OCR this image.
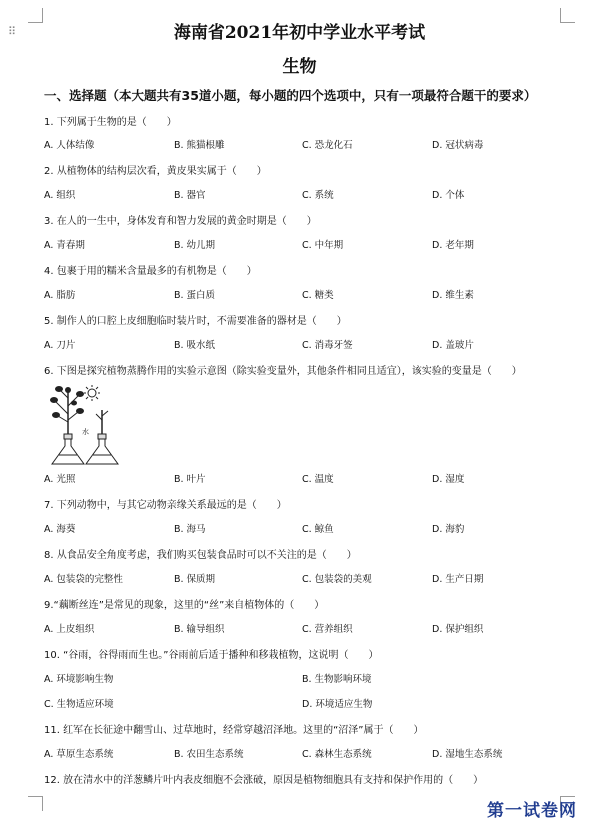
⠿	海南省2021年初中学业水平考试
生物
一、选择题（本大题共有35道小题，每小题的四个选项中，只有一项最符合题干的要求）
1. 下列属于生物的是（　　）
A. 人体结像	B. 熊猫根雕	C. 恐龙化石	D. 冠状病毒
2. 从植物体的结构层次看，黄皮果实属于（　　）
A. 组织	B. 器官	C. 系统	D. 个体
3. 在人的一生中，身体发育和智力发展的黄金时期是（　　）
A. 青春期	B. 幼儿期	C. 中年期	D. 老年期
4. 包裹于用的糯米含量最多的有机物是（　　）
A. 脂肪	B. 蛋白质	C. 糖类	D. 维生素
5. 制作人的口腔上皮细胞临时装片时，不需要准备的器材是（　　）
A. 刀片	B. 吸水纸	C. 消毒牙签	D. 盖玻片
6. 下图是探究植物蒸腾作用的实验示意图（除实验变量外，其他条件相同且适宜），该实验的变量是（　　）
水
A. 光照	B. 叶片	C. 温度	D. 湿度
7. 下列动物中，与其它动物亲缘关系最远的是（　　）
A. 海葵	B. 海马	C. 鲸鱼	D. 海豹
8. 从食品安全角度考虑，我们购买包装食品时可以不关注的是（　　）
A. 包装袋的完整性	B. 保质期	C. 包装袋的美观	D. 生产日期
9.“藕断丝连”是常见的现象，这里的“丝”来自植物体的（　　）
A. 上皮组织	B. 输导组织	C. 营养组织	D. 保护组织
10. “谷雨，谷得雨而生也。”谷雨前后适于播种和移栽植物，这说明（　　）
A. 环境影响生物	B. 生物影响环境
C. 生物适应环境	D. 环境适应生物
11. 红军在长征途中翻雪山、过草地时，经常穿越沼泽地。这里的“沼泽”属于（　　）
A. 草原生态系统	B. 农田生态系统	C. 森林生态系统	D. 湿地生态系统
12. 放在清水中的洋葱鳞片叶内表皮细胞不会涨破，原因是植物细胞具有支持和保护作用的（　　）
第一试卷网
